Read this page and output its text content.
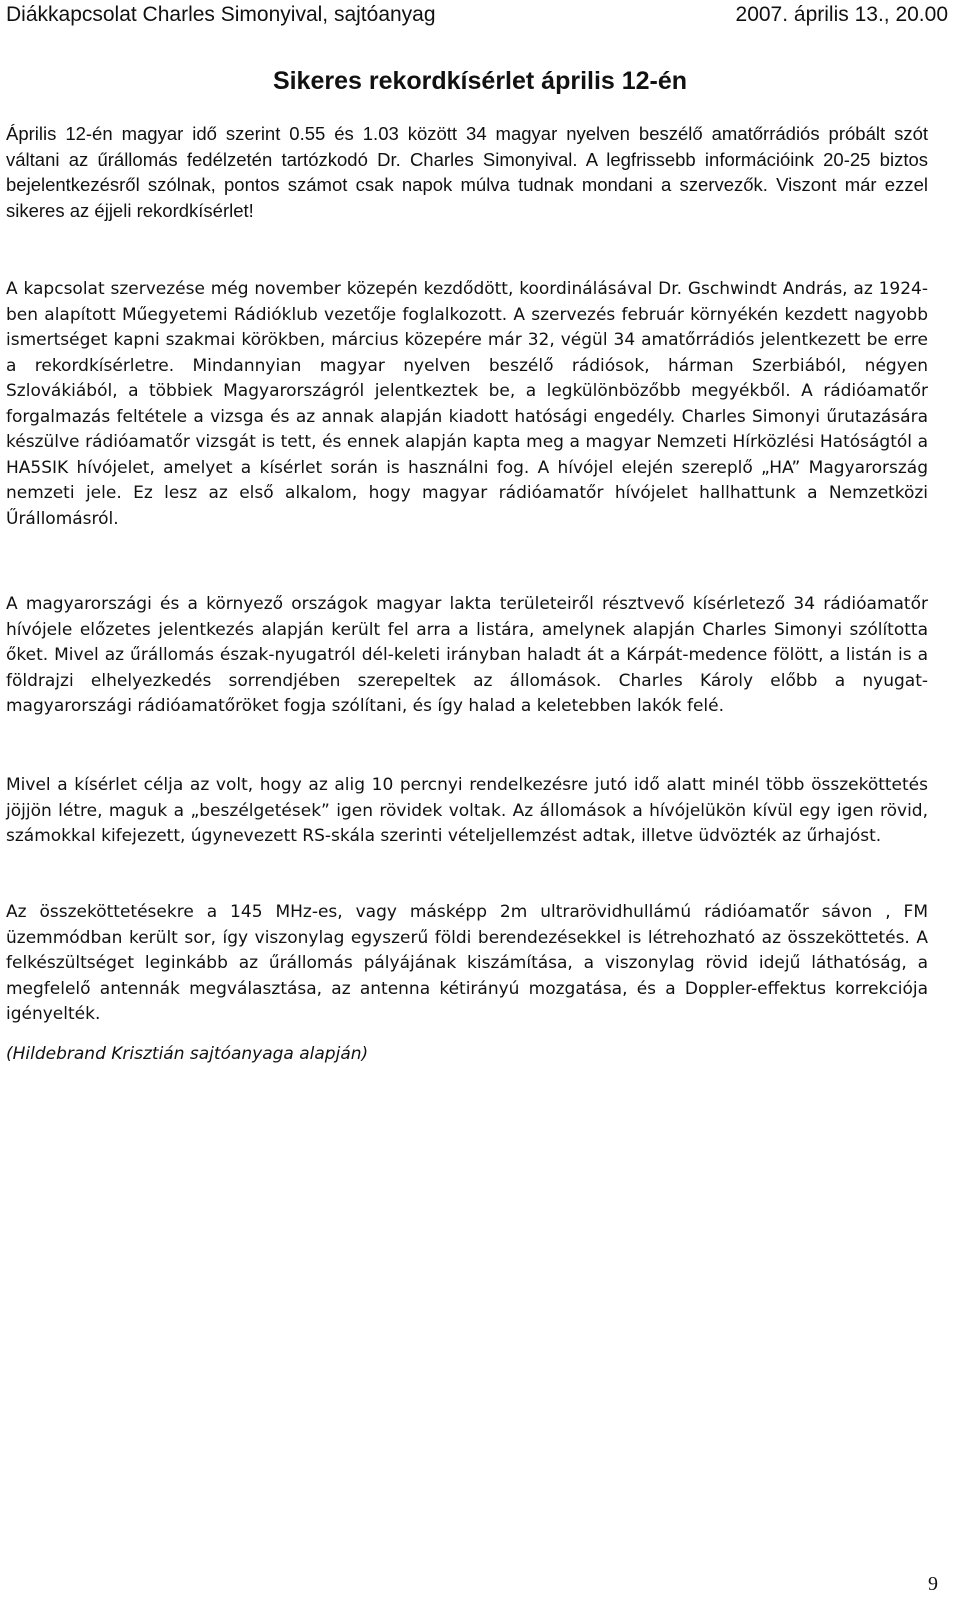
Diákkapcsolat Charles Simonyival, sajtóanyag	2007. április 13., 20.00
Sikeres rekordkísérlet április 12-én

Április 12-én magyar idő szerint 0.55 és 1.03 között 34 magyar nyelven beszélő amatőrrádiós próbált szót váltani az űrállomás fedélzetén tartózkodó Dr. Charles Simonyival. A legfrissebb információink 20-25 biztos bejelentkezésről szólnak, pontos számot csak napok múlva tudnak mondani a szervezők. Viszont már ezzel sikeres az éjjeli rekordkísérlet!

A kapcsolat szervezése még november közepén kezdődött, koordinálásával Dr. Gschwindt András, az 1924-ben alapított Műegyetemi Rádióklub vezetője foglalkozott. A szervezés február környékén kezdett nagyobb ismertséget kapni szakmai körökben, március közepére már 32, végül 34 amatőrrádiós jelentkezett be erre a rekordkísérletre. Mindannyian magyar nyelven beszélő rádiósok, hárman Szerbiából, négyen Szlovákiából, a többiek Magyarországról jelentkeztek be, a legkülönbözőbb megyékből. A rádióamatőr forgalmazás feltétele a vizsga és az annak alapján kiadott hatósági engedély. Charles Simonyi űrutazására készülve rádióamatőr vizsgát is tett, és ennek alapján kapta meg a magyar Nemzeti Hírközlési Hatóságtól a HA5SIK hívójelet, amelyet a kísérlet során is használni fog. A hívójel elején szereplő „HA” Magyarország nemzeti jele. Ez lesz az első alkalom, hogy magyar rádióamatőr hívójelet hallhattunk a Nemzetközi Űrállomásról.

A magyarországi és a környező országok magyar lakta területeiről résztvevő kísérletező 34 rádióamatőr hívójele előzetes jelentkezés alapján került fel arra a listára, amelynek alapján Charles Simonyi szólította őket. Mivel az űrállomás észak-nyugatról dél-keleti irányban haladt át a Kárpát-medence fölött, a listán is a földrajzi elhelyezkedés sorrendjében szerepeltek az állomások. Charles Károly előbb a nyugat-magyarországi rádióamatőröket fogja szólítani, és így halad a keletebben lakók felé.

Mivel a kísérlet célja az volt, hogy az alig 10 percnyi rendelkezésre jutó idő alatt minél több összeköttetés jöjjön létre, maguk a „beszélgetések” igen rövidek voltak. Az állomások a hívójelükön kívül egy igen rövid, számokkal kifejezett, úgynevezett RS-skála szerinti vételjellemzést adtak, illetve üdvözték az űrhajóst.

Az összeköttetésekre a 145 MHz-es, vagy másképp 2m ultrarövidhullámú rádióamatőr sávon , FM üzemmódban került sor, így viszonylag egyszerű földi berendezésekkel is létrehozható az összeköttetés. A felkészültséget leginkább az űrállomás pályájának kiszámítása, a viszonylag rövid idejű láthatóság, a megfelelő antennák megválasztása, az antenna kétirányú mozgatása, és a Doppler-effektus korrekciója igényelték.

(Hildebrand Krisztián sajtóanyaga alapján)

9
